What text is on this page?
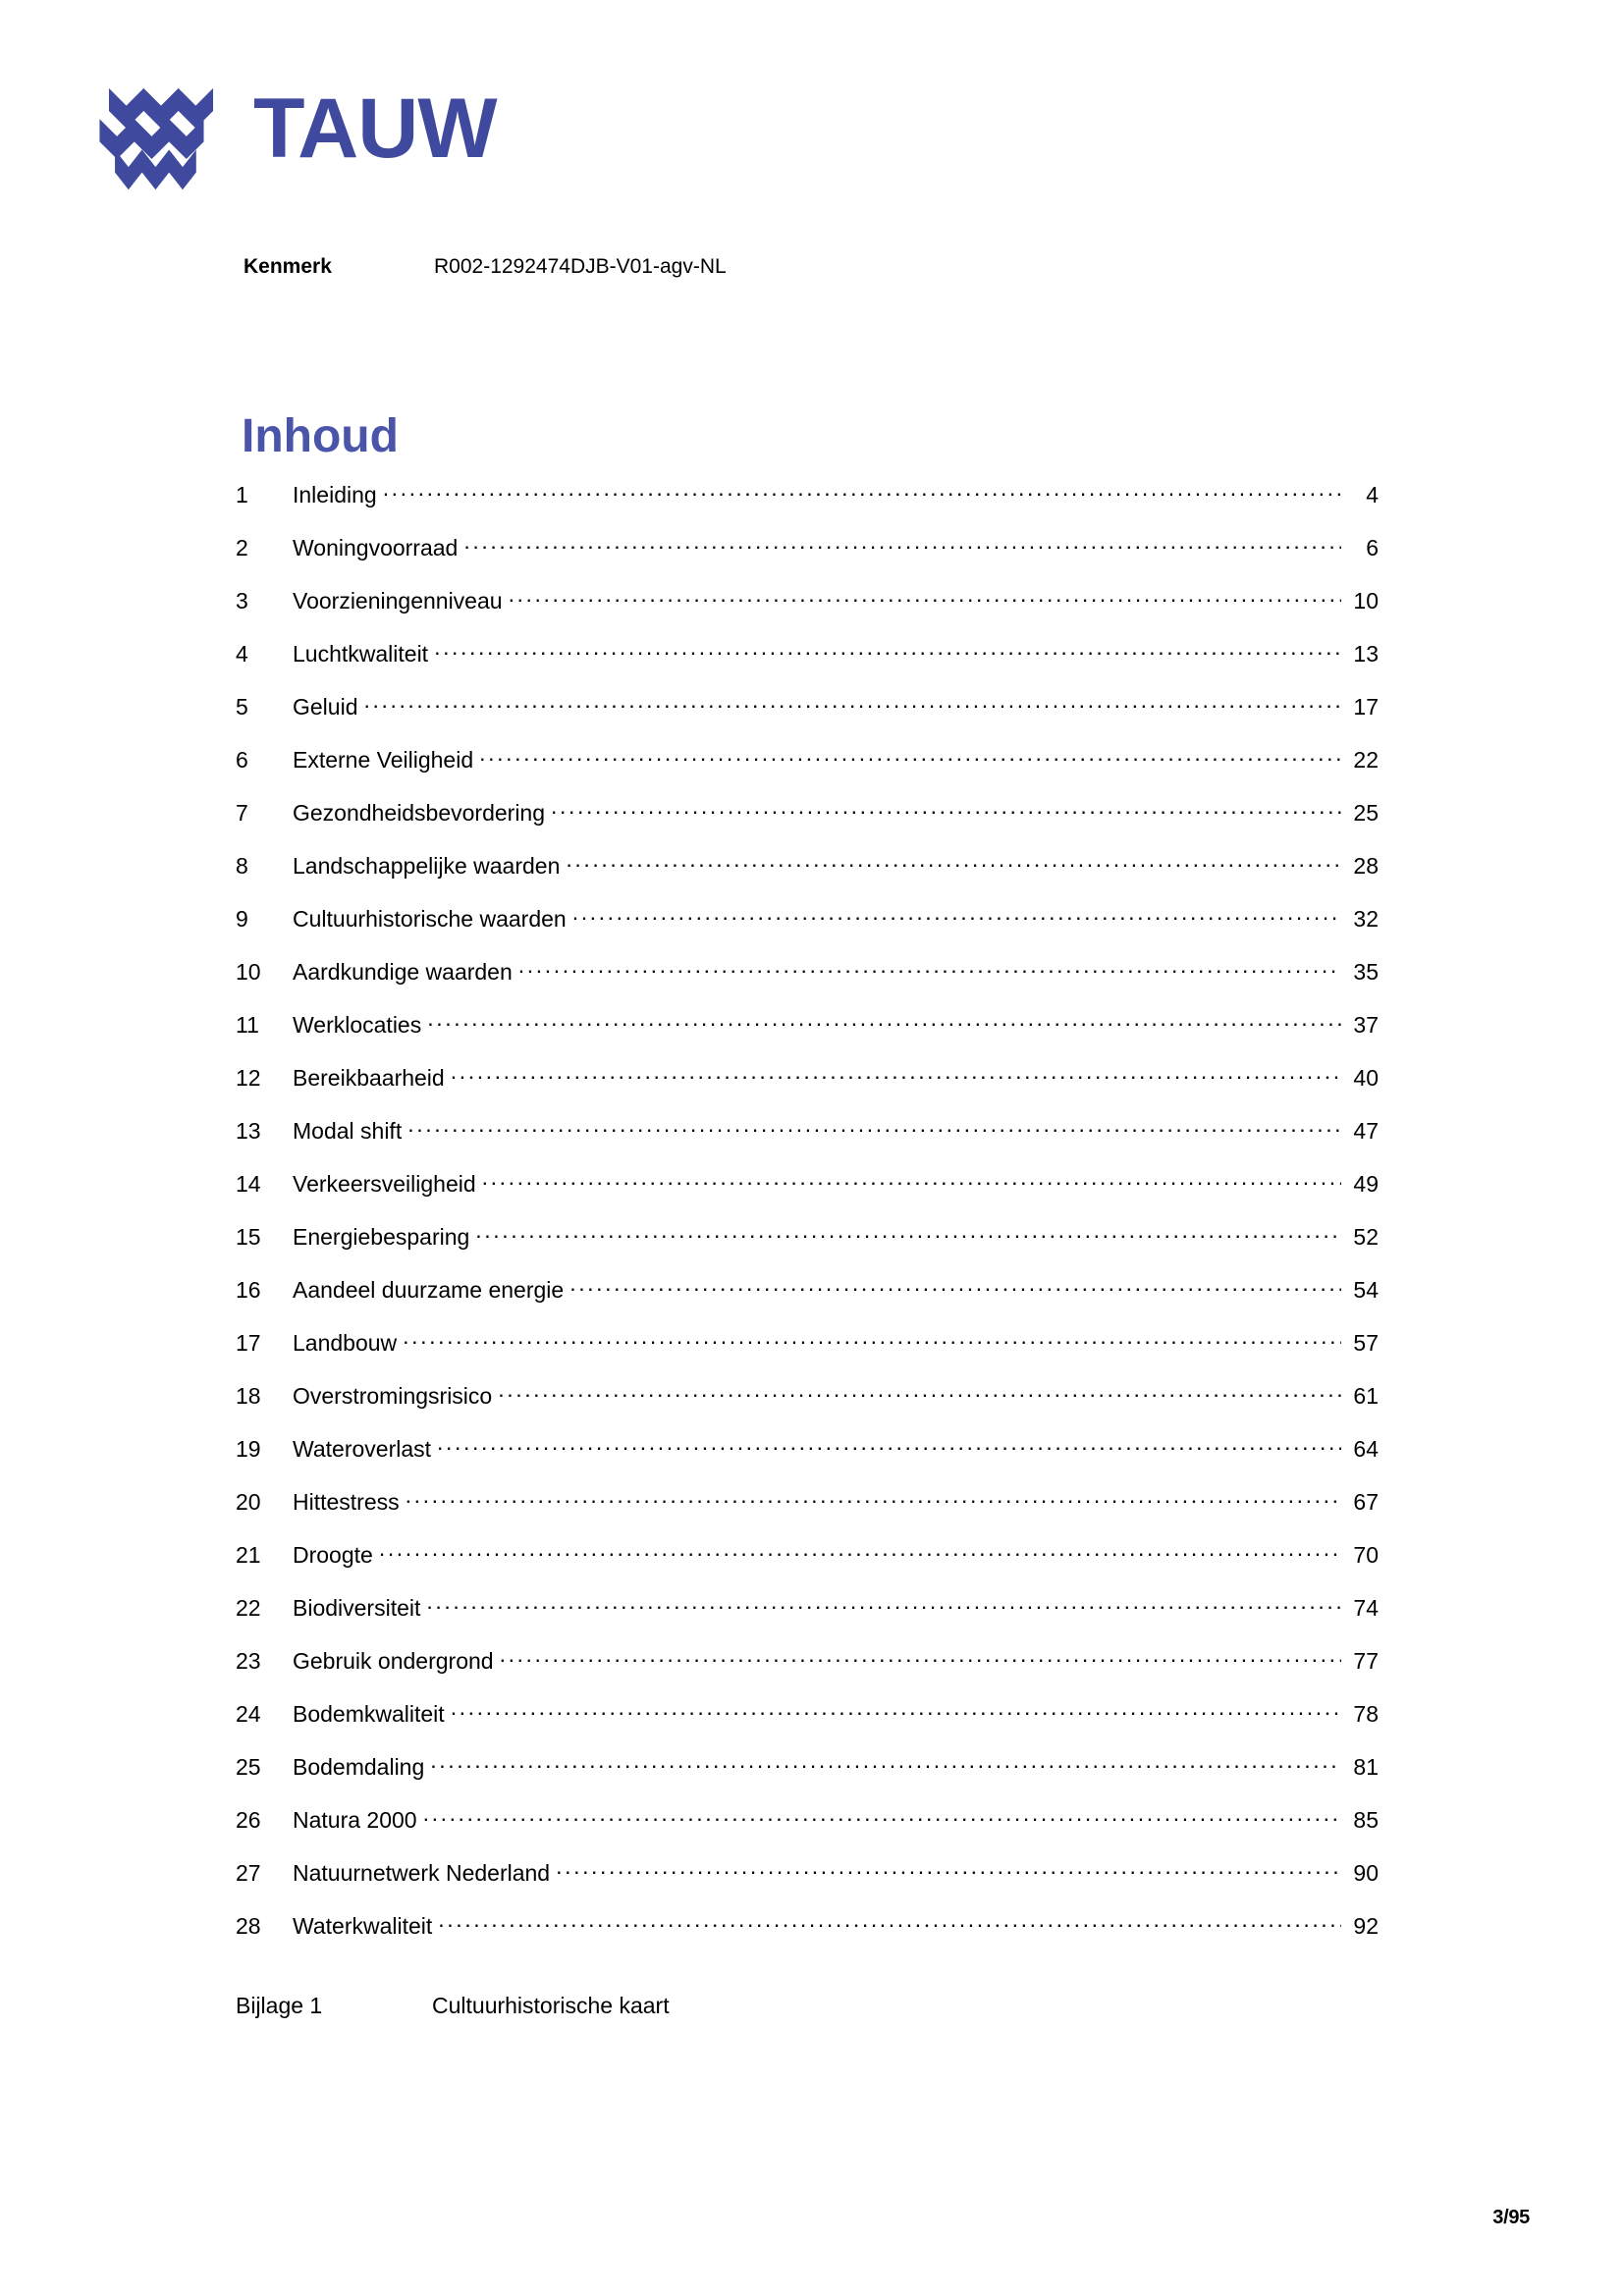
TAUW
Kenmerk	R002-1292474DJB-V01-agv-NL
Inhoud
1	Inleiding .....	4
2	Woningvoorraad .....	6
3	Voorzieningenniveau .....	10
4	Luchtkwaliteit .....	13
5	Geluid .....	17
6	Externe Veiligheid .....	22
7	Gezondheidsbevordering .....	25
8	Landschappelijke waarden .....	28
9	Cultuurhistorische waarden .....	32
10	Aardkundige waarden .....	35
11	Werklocaties .....	37
12	Bereikbaarheid .....	40
13	Modal shift .....	47
14	Verkeersveiligheid .....	49
15	Energiebesparing .....	52
16	Aandeel duurzame energie .....	54
17	Landbouw .....	57
18	Overstromingsrisico .....	61
19	Wateroverlast .....	64
20	Hittestress .....	67
21	Droogte .....	70
22	Biodiversiteit .....	74
23	Gebruik ondergrond .....	77
24	Bodemkwaliteit .....	78
25	Bodemdaling .....	81
26	Natura 2000 .....	85
27	Natuurnetwerk Nederland .....	90
28	Waterkwaliteit .....	92
Bijlage 1	Cultuurhistorische kaart
3/95
